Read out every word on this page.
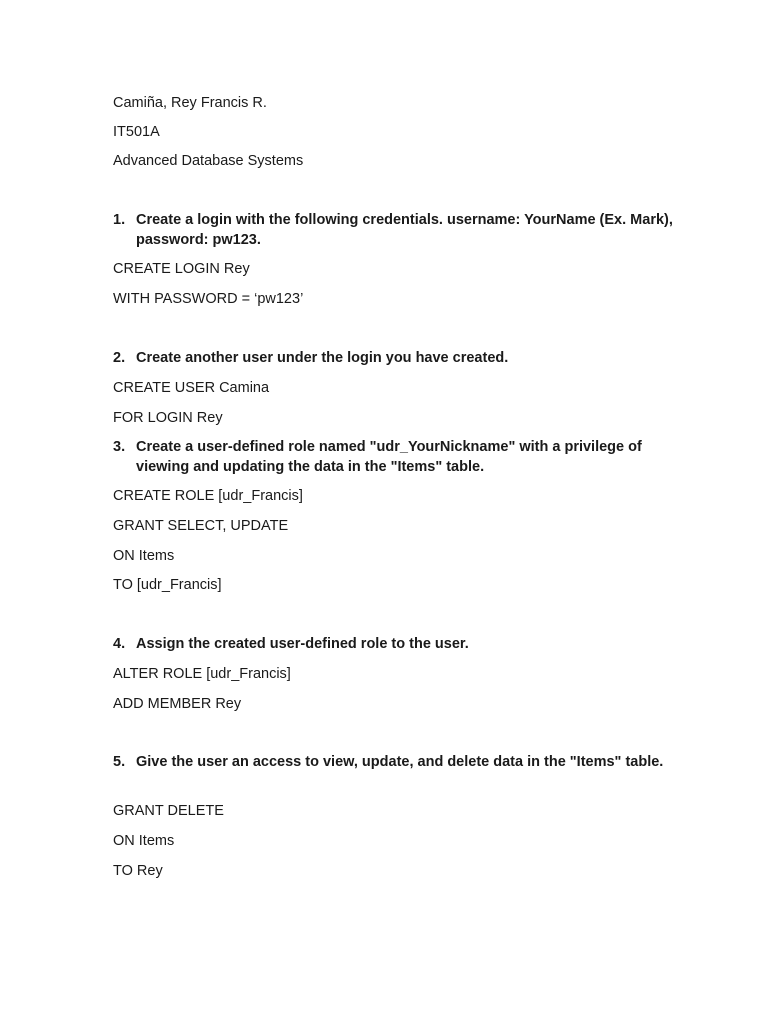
Camiña, Rey Francis R.
IT501A
Advanced Database Systems
1. Create a login with the following credentials. username: YourName (Ex. Mark), password: pw123.
CREATE LOGIN Rey
WITH PASSWORD = ‘pw123’
2. Create another user under the login you have created.
CREATE USER Camina
FOR LOGIN Rey
3. Create a user-defined role named "udr_YourNickname" with a privilege of viewing and updating the data in the "Items" table.
CREATE ROLE [udr_Francis]
GRANT SELECT, UPDATE
ON Items
TO [udr_Francis]
4. Assign the created user-defined role to the user.
ALTER ROLE [udr_Francis]
ADD MEMBER Rey
5. Give the user an access to view, update, and delete data in the "Items" table.
GRANT DELETE
ON Items
TO Rey
